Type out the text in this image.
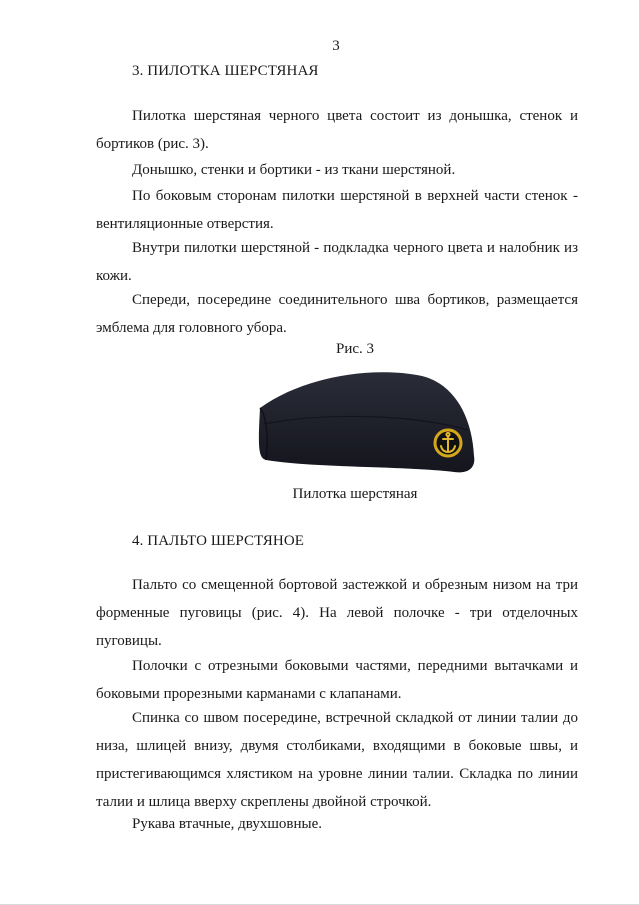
3
3. ПИЛОТКА ШЕРСТЯНАЯ

Пилотка шерстяная черного цвета состоит из донышка, стенок и бортиков (рис. 3).

Донышко, стенки и бортики - из ткани шерстяной.

По боковым сторонам пилотки шерстяной в верхней части стенок - вентиляционные отверстия.

Внутри пилотки шерстяной - подкладка черного цвета и налобник из кожи.

Спереди, посередине соединительного шва бортиков, размещается эмблема для головного убора.

Рис. 3
Пилотка шерстяная
4. ПАЛЬТО ШЕРСТЯНОЕ

Пальто со смещенной бортовой застежкой и обрезным низом на три форменные пуговицы (рис. 4). На левой полочке - три отделочных пуговицы.

Полочки с отрезными боковыми частями, передними вытачками и боковыми прорезными карманами с клапанами.

Спинка со швом посередине, встречной складкой от линии талии до низа, шлицей внизу, двумя столбиками, входящими в боковые швы, и пристегивающимся хлястиком на уровне линии талии. Складка по линии талии и шлица вверху скреплены двойной строчкой.

Рукава втачные, двухшовные.
